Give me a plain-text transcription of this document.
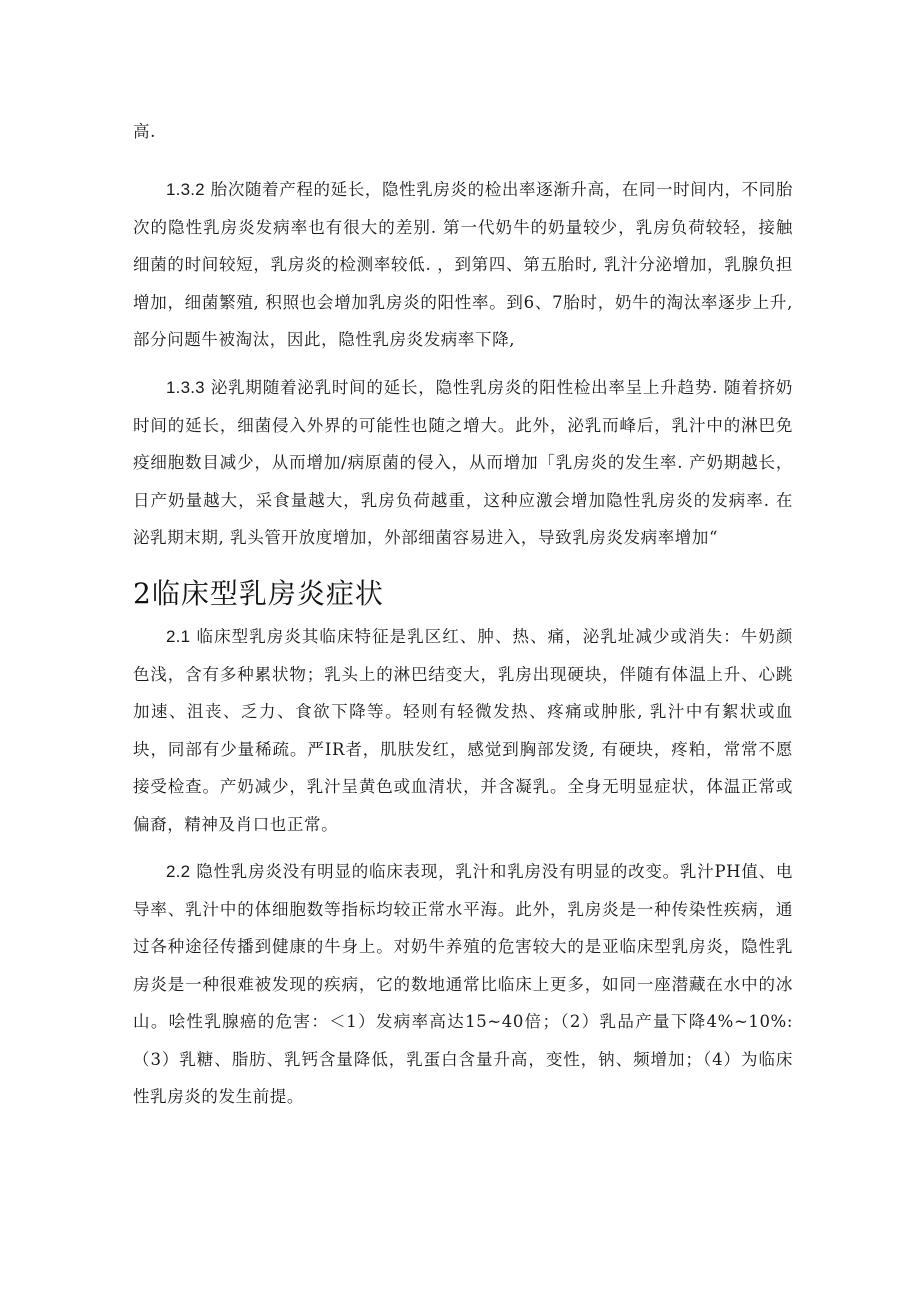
高.

1.3.2 胎次随着产程的延长，隐性乳房炎的检出率逐渐升高，在同一时间内，不同胎次的隐性乳房炎发病率也有很大的差别. 第一代奶牛的奶量较少，乳房负荷较轻，接触细菌的时间较短，乳房炎的检测率较低. ，到第四、第五胎时, 乳汁分泌增加，乳腺负担增加，细菌繁殖, 积照也会增加乳房炎的阳性率。到6、7胎时，奶牛的淘汰率逐步上升, 部分问题牛被淘汰，因此，隐性乳房炎发病率下降,

1.3.3 泌乳期随着泌乳时间的延长，隐性乳房炎的阳性检出率呈上升趋势. 随着挤奶时间的延长，细菌侵入外界的可能性也随之增大。此外，泌乳而峰后，乳汁中的淋巴免疫细胞数目减少，从而增加/病原菌的侵入，从而增加「乳房炎的发生率. 产奶期越长，日产奶量越大，采食量越大，乳房负荷越重，这种应激会增加隐性乳房炎的发病率. 在泌乳期末期, 乳头管开放度增加，外部细菌容易进入，导致乳房炎发病率增加“

2临床型乳房炎症状

2.1 临床型乳房炎其临床特征是乳区红、肿、热、痛，泌乳址减少或消失：牛奶颜色浅，含有多种累状物；乳头上的淋巴结变大，乳房出现硬块，伴随有体温上升、心跳加速、沮丧、乏力、食欲下降等。轻则有轻微发热、疼痛或肿胀, 乳汁中有絮状或血块，同部有少量稀疏。严IR者，肌肤发红，感觉到胸部发烫, 有硬块，疼粕，常常不愿接受检查。产奶减少，乳汁呈黄色或血清状，并含凝乳。全身无明显症状，体温正常或偏裔，精神及肖口也正常。

2.2 隐性乳房炎没有明显的临床表现，乳汁和乳房没有明显的改变。乳汁PH值、电导率、乳汁中的体细胞数等指标均较正常水平海。此外，乳房炎是一种传染性疾病，通过各种途径传播到健康的牛身上。对奶牛养殖的危害较大的是亚临床型乳房炎，隐性乳房炎是一种很难被发现的疾病，它的数地通常比临床上更多，如同一座潜藏在水中的冰山。哙性乳腺癌的危害：＜1）发病率高达15~40倍；（2）乳品产量下降4%~10%:（3）乳糖、脂肪、乳钙含量降低，乳蛋白含量升高，变性，钠、频增加；（4）为临床性乳房炎的发生前提。
